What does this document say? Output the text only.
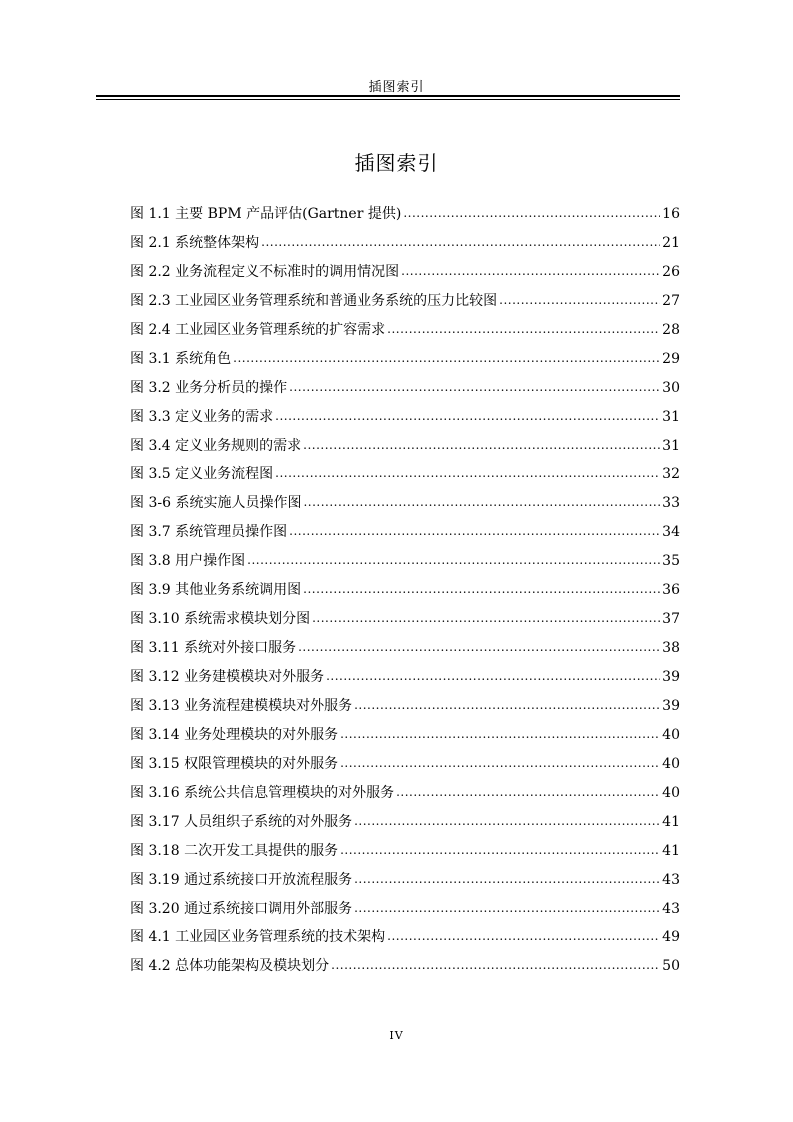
插图索引
插图索引
图 1.1 主要 BPM 产品评估(Gartner 提供) .....	16
图 2.1 系统整体架构 .....	21
图 2.2 业务流程定义不标准时的调用情况图 .....	26
图 2.3 工业园区业务管理系统和普通业务系统的压力比较图 .....	27
图 2.4 工业园区业务管理系统的扩容需求 .....	28
图 3.1 系统角色 .....	29
图 3.2 业务分析员的操作 .....	30
图 3.3 定义业务的需求 .....	31
图 3.4 定义业务规则的需求 .....	31
图 3.5 定义业务流程图 .....	32
图 3-6 系统实施人员操作图 .....	33
图 3.7 系统管理员操作图 .....	34
图 3.8 用户操作图 .....	35
图 3.9 其他业务系统调用图 .....	36
图 3.10 系统需求模块划分图 .....	37
图 3.11 系统对外接口服务 .....	38
图 3.12 业务建模模块对外服务 .....	39
图 3.13 业务流程建模模块对外服务 .....	39
图 3.14 业务处理模块的对外服务 .....	40
图 3.15 权限管理模块的对外服务 .....	40
图 3.16 系统公共信息管理模块的对外服务 .....	40
图 3.17 人员组织子系统的对外服务 .....	41
图 3.18 二次开发工具提供的服务 .....	41
图 3.19 通过系统接口开放流程服务 .....	43
图 3.20 通过系统接口调用外部服务 .....	43
图 4.1 工业园区业务管理系统的技术架构 .....	49
图 4.2 总体功能架构及模块划分 .....	50
IV
